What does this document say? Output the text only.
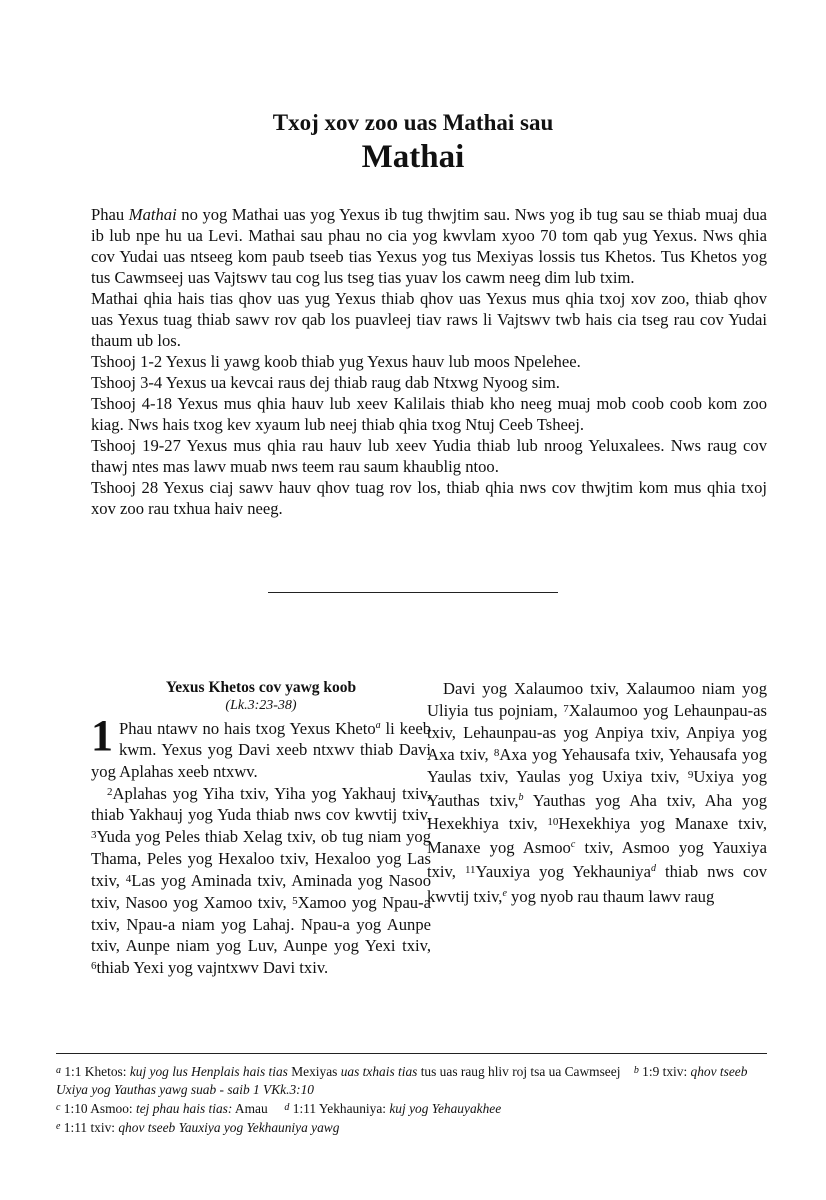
Txoj xov zoo uas Mathai sau
Mathai

Phau Mathai no yog Mathai uas yog Yexus ib tug thwjtim sau. Nws yog ib tug sau se thiab muaj dua ib lub npe hu ua Levi. Mathai sau phau no cia yog kwvlam xyoo 70 tom qab yug Yexus. Nws qhia cov Yudai uas ntseeg kom paub tseeb tias Yexus yog tus Mexiyas lossis tus Khetos. Tus Khetos yog tus Cawmseej uas Vajtswv tau cog lus tseg tias yuav los cawm neeg dim lub txim.

Mathai qhia hais tias qhov uas yug Yexus thiab qhov uas Yexus mus qhia txoj xov zoo, thiab qhov uas Yexus tuag thiab sawv rov qab los puavleej tiav raws li Vajtswv twb hais cia tseg rau cov Yudai thaum ub los.

Tshooj 1-2 Yexus li yawg koob thiab yug Yexus hauv lub moos Npelehee.

Tshooj 3-4 Yexus ua kevcai raus dej thiab raug dab Ntxwg Nyoog sim.

Tshooj 4-18 Yexus mus qhia hauv lub xeev Kalilais thiab kho neeg muaj mob coob coob kom zoo kiag. Nws hais txog kev xyaum lub neej thiab qhia txog Ntuj Ceeb Tsheej.

Tshooj 19-27 Yexus mus qhia rau hauv lub xeev Yudia thiab lub nroog Yeluxalees. Nws raug cov thawj ntes mas lawv muab nws teem rau saum khaublig ntoo.

Tshooj 28 Yexus ciaj sawv hauv qhov tuag rov los, thiab qhia nws cov thwjtim kom mus qhia txoj xov zoo rau txhua haiv neeg.

Yexus Khetos cov yawg koob

(Lk.3:23-38)

1 Phau ntawv no hais txog Yexus Kheto$^a$ li keeb kwm. Yexus yog Davi xeeb ntxwv thiab Davi yog Aplahas xeeb ntxwv.

$^2$Aplahas yog Yiha txiv, Yiha yog Yakhauj txiv, thiab Yakhauj yog Yuda thiab nws cov kwvtij txiv, $^3$Yuda yog Peles thiab Xelag txiv, ob tug niam yog Thama, Peles yog Hexaloo txiv, Hexaloo yog Las txiv, $^4$Las yog Aminada txiv, Aminada yog Nasoo txiv, Nasoo yog Xamoo txiv, $^5$Xamoo yog Npau-a txiv, Npau-a niam yog Lahaj. Npau-a yog Aunpe txiv, Aunpe niam yog Luv, Aunpe yog Yexi txiv, $^6$thiab Yexi yog vajntxwv Davi txiv.

Davi yog Xalaumoo txiv, Xalaumoo niam yog Uliyia tus pojniam, $^7$Xalaumoo yog Lehaunpau-as txiv, Lehaunpau-as yog Anpiya txiv, Anpiya yog Axa txiv, $^8$Axa yog Yehausafa txiv, Yehausafa yog Yaulas txiv, Yaulas yog Uxiya txiv, $^9$Uxiya yog Yauthas txiv,$^b$ Yauthas yog Aha txiv, Aha yog Hexekhiya txiv, $^{10}$Hexekhiya yog Manaxe txiv, Manaxe yog Asmoo$^c$ txiv, Asmoo yog Yauxiya txiv, $^{11}$Yauxiya yog Yekhauniya$^d$ thiab nws cov kwvtij txiv,$^e$ yog nyob rau thaum lawv raug

$^a$ 1:1 Khetos: kuj yog lus Henplais hais tias Mexiyas uas txhais tias tus uas raug hliv roj tsa ua Cawmseej $^b$ 1:9 txiv: qhov tseeb Uxiya yog Yauthas yawg suab - saib 1 VKk.3:10

$^c$ 1:10 Asmoo: tej phau hais tias: Amau $^d$ 1:11 Yekhauniya: kuj yog Yehauyakhee

$^e$ 1:11 txiv: qhov tseeb Yauxiya yog Yekhauniya yawg
